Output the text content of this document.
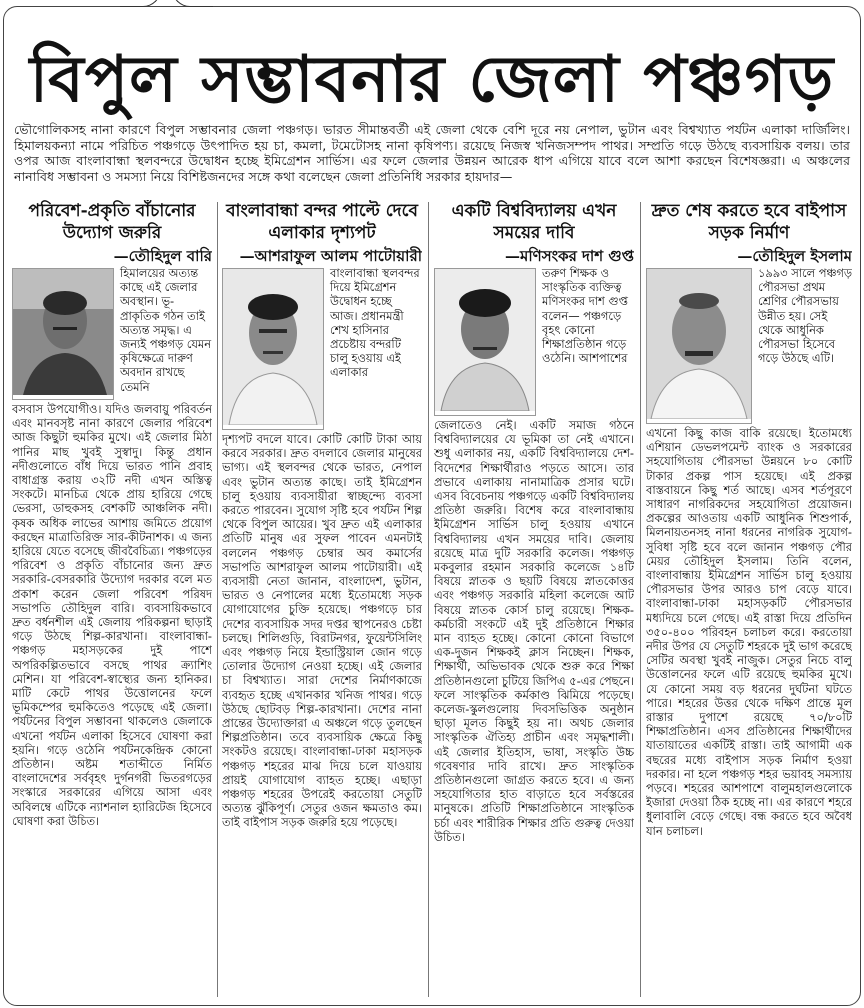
বিপুল সম্ভাবনার জেলা পঞ্চগড়

ভৌগোলিকসহ নানা কারণে বিপুল সম্ভাবনার জেলা পঞ্চগড়। ভারত সীমান্তবর্তী এই জেলা থেকে বেশি দূরে নয় নেপাল, ভুটান এবং বিশ্বখ্যাত পর্যটন এলাকা দার্জিলিং। হিমালয়কন্যা নামে পরিচিত পঞ্চগড়ে উৎপাদিত হয় চা, কমলা, টমেটোসহ নানা কৃষিপণ্য। রয়েছে নিজস্ব খনিজসম্পদ পাথর। সম্প্রতি গড়ে উঠছে ব্যবসায়িক বলয়। তার ওপর আজ বাংলাবান্ধা স্থলবন্দরে উদ্বোধন হচ্ছে ইমিগ্রেশন সার্ভিস। এর ফলে জেলার উন্নয়ন আরেক ধাপ এগিয়ে যাবে বলে আশা করছেন বিশেষজ্ঞরা। এ অঞ্চলের নানাবিধ সম্ভাবনা ও সমস্যা নিয়ে বিশিষ্টজনদের সঙ্গে কথা বলেছেন জেলা প্রতিনিধি সরকার হায়দার—

পরিবেশ-প্রকৃতি বাঁচানোর উদ্যোগ জরুরি
—তৌহিদুল বারি

হিমালয়ের অত্যন্ত কাছে এই জেলার অবস্থান। ভূ-প্রাকৃতিক গঠন তাই অত্যন্ত সমৃদ্ধ। এ জন্যই পঞ্চগড় যেমন কৃষিক্ষেত্রে দারুণ অবদান রাখছে তেমনি

বসবাস উপযোগীও। যদিও জলবায়ু পরিবর্তন এবং মানবসৃষ্ট নানা কারণে জেলার পরিবেশ আজ কিছুটা হুমকির মুখে। এই জেলার মিঠা পানির মাছ খুবই সুস্বাদু। কিন্তু প্রধান নদীগুলোতে বাঁধ দিয়ে ভারত পানি প্রবাহ বাধাগ্রস্ত করায় ৩২টি নদী এখন অস্তিত্ব সংকটে। মানচিত্র থেকে প্রায় হারিয়ে গেছে ভেরসা, ডাহুকসহ বেশকটি আঞ্চলিক নদী। কৃষক অধিক লাভের আশায় জমিতে প্রয়োগ করছেন মাত্রাতিরিক্ত সার-কীটনাশক। এ জন্য হারিয়ে যেতে বসেছে জীববৈচিত্র্য। পঞ্চগড়ের পরিবেশ ও প্রকৃতি বাঁচানোর জন্য দ্রুত সরকারি-বেসরকারি উদ্যোগ দরকার বলে মত প্রকাশ করেন জেলা পরিবেশ পরিষদ সভাপতি তৌহিদুল বারি। ব্যবসায়িকভাবে দ্রুত বর্ধনশীল এই জেলায় পরিকল্পনা ছাড়াই গড়ে উঠছে শিল্প-কারখানা। বাংলাবান্ধা-পঞ্চগড় মহাসড়কের দুই পাশে অপরিকল্পিতভাবে বসছে পাথর ক্র্যাশিং মেশিন। যা পরিবেশ-স্বাস্থ্যের জন্য হানিকর। মাটি কেটে পাথর উত্তোলনের ফলে ভূমিকম্পের হুমকিতেও পড়েছে এই জেলা। পর্যটনের বিপুল সম্ভাবনা থাকলেও জেলাকে এখনো পর্যটন এলাকা হিসেবে ঘোষণা করা হয়নি। গড়ে ওঠেনি পর্যটনকেন্দ্রিক কোনো প্রতিষ্ঠান। অষ্টম শতাব্দীতে নির্মিত বাংলাদেশের সর্ববৃহৎ দুর্গনগরী ভিতরগড়ের সংস্কারে সরকারের এগিয়ে আসা এবং অবিলম্বে এটিকে ন্যাশনাল হ্যারিটেজ হিসেবে ঘোষণা করা উচিত।

বাংলাবান্ধা বন্দর পাল্টে দেবে এলাকার দৃশ্যপট
—আশরাফুল আলম পাটোয়ারী

বাংলাবান্ধা স্থলবন্দর দিয়ে ইমিগ্রেশন উদ্বোধন হচ্ছে আজ। প্রধানমন্ত্রী শেখ হাসিনার প্রচেষ্টায় বন্দরটি চালু হওয়ায় এই এলাকার

দৃশ্যপট বদলে যাবে। কোটি কোটি টাকা আয় করবে সরকার। দ্রুত বদলাবে জেলার মানুষের ভাগ্য। এই স্থলবন্দর থেকে ভারত, নেপাল এবং ভুটান অত্যন্ত কাছে। তাই ইমিগ্রেশন চালু হওয়ায় ব্যবসায়ীরা স্বাচ্ছন্দ্যে ব্যবসা করতে পারবেন। সুযোগ সৃষ্টি হবে পর্যটন শিল্প থেকে বিপুল আয়ের। খুব দ্রুত এই এলাকার প্রতিটি মানুষ এর সুফল পাবেন এমনটাই বললেন পঞ্চগড় চেম্বার অব কমার্সের সভাপতি আশরাফুল আলম পাটোয়ারী। এই ব্যবসায়ী নেতা জানান, বাংলাদেশ, ভুটান, ভারত ও নেপালের মধ্যে ইতোমধ্যে সড়ক যোগাযোগের চুক্তি হয়েছে। পঞ্চগড়ে চার দেশের ব্যবসায়িক সদর দপ্তর স্থাপনেরও চেষ্টা চলছে। শিলিগুড়ি, বিরাটনগর, ফুয়েন্টসিলিং এবং পঞ্চগড় নিয়ে ইন্ডাস্ট্রিয়াল জোন গড়ে তোলার উদ্যোগ নেওয়া হচ্ছে। এই জেলার চা বিশ্বখ্যাত। সারা দেশের নির্মাণকাজে ব্যবহৃত হচ্ছে এখানকার খনিজ পাথর। গড়ে উঠছে ছোটবড় শিল্প-কারখানা। দেশের নানা প্রান্তের উদ্যোক্তারা এ অঞ্চলে গড়ে তুলছেন শিল্পপ্রতিষ্ঠান। তবে ব্যবসায়িক ক্ষেত্রে কিছু সংকটও রয়েছে। বাংলাবান্ধা-ঢাকা মহাসড়ক পঞ্চগড় শহরের মাঝ দিয়ে চলে যাওয়ায় প্রায়ই যোগাযোগ ব্যাহত হচ্ছে। এছাড়া পঞ্চগড় শহরের উপরেই করতোয়া সেতুটি অত্যন্ত ঝুঁকিপূর্ণ। সেতুর ওজন ক্ষমতাও কম। তাই বাইপাস সড়ক জরুরি হয়ে পড়েছে।

একটি বিশ্ববিদ্যালয় এখন সময়ের দাবি
—মণিসংকর দাশ গুপ্ত

তরুণ শিক্ষক ও সাংস্কৃতিক ব্যক্তিত্ব মণিসংকর দাশ গুপ্ত বলেন— পঞ্চগড়ে বৃহৎ কোনো শিক্ষাপ্রতিষ্ঠান গড়ে ওঠেনি। আশপাশের

জেলাতেও নেই। একটি সমাজ গঠনে বিশ্ববিদ্যালয়ের যে ভূমিকা তা নেই এখানে। শুধু এলাকার নয়, একটি বিশ্ববিদ্যালয়ে দেশ-বিদেশের শিক্ষার্থীরাও পড়তে আসে। তার প্রভাবে এলাকায় নানামাত্রিক প্রসার ঘটে। এসব বিবেচনায় পঞ্চগড়ে একটি বিশ্ববিদ্যালয় প্রতিষ্ঠা জরুরি। বিশেষ করে বাংলাবান্ধায় ইমিগ্রেশন সার্ভিস চালু হওয়ায় এখানে বিশ্ববিদ্যালয় এখন সময়ের দাবি। জেলায় রয়েছে মাত্র দুটি সরকারি কলেজ। পঞ্চগড় মকবুলার রহমান সরকারি কলেজে ১৪টি বিষয়ে স্নাতক ও ছয়টি বিষয়ে স্নাতকোত্তর এবং পঞ্চগড় সরকারি মহিলা কলেজে আট বিষয়ে স্নাতক কোর্স চালু রয়েছে। শিক্ষক-কর্মচারী সংকটে এই দুই প্রতিষ্ঠানে শিক্ষার মান ব্যাহত হচ্ছে। কোনো কোনো বিভাগে এক-দুজন শিক্ষকই ক্লাস নিচ্ছেন। শিক্ষক, শিক্ষার্থী, অভিভাবক থেকে শুরু করে শিক্ষা প্রতিষ্ঠানগুলো চুটিয়ে জিপিএ ৫-এর পেছনে। ফলে সাংস্কৃতিক কর্মকাণ্ড ঝিমিয়ে পড়েছে। কলেজ-স্কুলগুলোয় দিবসভিত্তিক অনুষ্ঠান ছাড়া মূলত কিছুই হয় না। অথচ জেলার সাংস্কৃতিক ঐতিহ্য প্রাচীন এবং সমৃদ্ধশালী। এই জেলার ইতিহাস, ভাষা, সংস্কৃতি উচ্চ গবেষণার দাবি রাখে। দ্রুত সাংস্কৃতিক প্রতিষ্ঠানগুলো জাগ্রত করতে হবে। এ জন্য সহযোগিতার হাত বাড়াতে হবে সর্বস্তরের মানুষকে। প্রতিটি শিক্ষাপ্রতিষ্ঠানে সাংস্কৃতিক চর্চা এবং শারীরিক শিক্ষার প্রতি গুরুত্ব দেওয়া উচিত।

দ্রুত শেষ করতে হবে বাইপাস সড়ক নির্মাণ
—তৌহিদুল ইসলাম

১৯৯৩ সালে পঞ্চগড় পৌরসভা প্রথম শ্রেণির পৌরসভায় উন্নীত হয়। সেই থেকে আধুনিক পৌরসভা হিসেবে গড়ে উঠছে এটি।

এখনো কিছু কাজ বাকি রয়েছে। ইতোমধ্যে এশিয়ান ডেভলপমেন্ট ব্যাংক ও সরকারের সহযোগিতায় পৌরসভা উন্নয়নে ৮০ কোটি টাকার প্রকল্প পাস হয়েছে। এই প্রকল্প বাস্তবায়নে কিছু শর্ত আছে। এসব শর্তপূরণে সাধারণ নাগরিকদের সহযোগিতা প্রয়োজন। প্রকল্পের আওতায় একটি আধুনিক শিশুপার্ক, মিলনায়তনসহ নানা ধরনের নাগরিক সুযোগ-সুবিধা সৃষ্টি হবে বলে জানান পঞ্চগড় পৌর মেয়র তৌহিদুল ইসলাম। তিনি বলেন, বাংলাবান্ধায় ইমিগ্রেশন সার্ভিস চালু হওয়ায় পৌরসভার উপর আরও চাপ বেড়ে যাবে। বাংলাবান্ধা-ঢাকা মহাসড়কটি পৌরসভার মধ্যদিয়ে চলে গেছে। এই রাস্তা দিয়ে প্রতিদিন ৩৫০-৪০০ পরিবহন চলাচল করে। করতোয়া নদীর উপর যে সেতুটি শহরকে দুই ভাগ করেছে সেটির অবস্থা খুবই নাজুক। সেতুর নিচে বালু উত্তোলনের ফলে এটি রয়েছে হুমকির মুখে। যে কোনো সময় বড় ধরনের দুর্ঘটনা ঘটতে পারে। শহরের উত্তর থেকে দক্ষিণ প্রান্তে মূল রাস্তার দুপাশে রয়েছে ৭০/৮০টি শিক্ষাপ্রতিষ্ঠান। এসব প্রতিষ্ঠানের শিক্ষার্থীদের যাতায়াতের একটিই রাস্তা। তাই আগামী এক বছরের মধ্যে বাইপাস সড়ক নির্মাণ হওয়া দরকার। না হলে পঞ্চগড় শহর ভয়াবহ সমস্যায় পড়বে। শহরের আশপাশে বালুমহালগুলোকে ইজারা দেওয়া ঠিক হচ্ছে না। এর কারণে শহরে ধুলাবালি বেড়ে গেছে। বন্ধ করতে হবে অবৈধ যান চলাচল।
